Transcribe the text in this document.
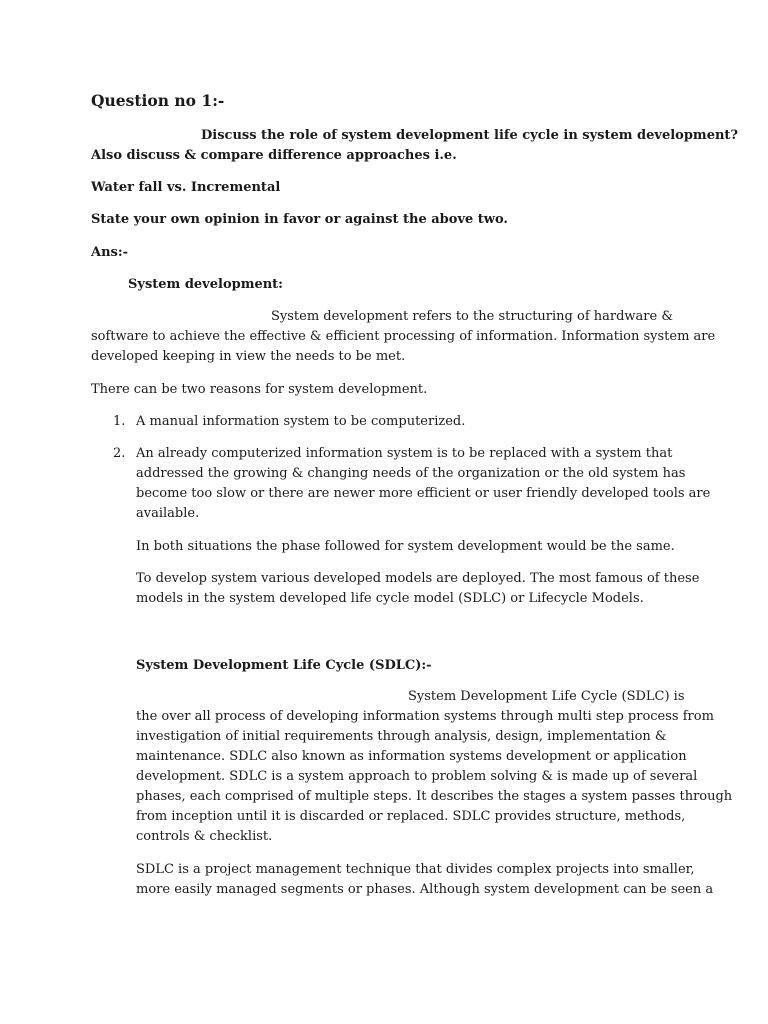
Question no 1:-
Discuss the role of system development life cycle in system development?
Also discuss & compare difference approaches i.e.
Water fall vs. Incremental
State your own opinion in favor or against the above two.
Ans:-
System development:
System development refers to the structuring of hardware &
software to achieve the effective & efficient processing of information. Information system are
developed keeping in view the needs to be met.
There can be two reasons for system development.
1. A manual information system to be computerized.
2. An already computerized information system is to be replaced with a system that
addressed the growing & changing needs of the organization or the old system has
become too slow or there are newer more efficient or user friendly developed tools are
available.
In both situations the phase followed for system development would be the same.
To develop system various developed models are deployed. The most famous of these
models in the system developed life cycle model (SDLC) or Lifecycle Models.
System Development Life Cycle (SDLC):-
System Development Life Cycle (SDLC) is
the over all process of developing information systems through multi step process from
investigation of initial requirements through analysis, design, implementation &
maintenance. SDLC also known as information systems development or application
development. SDLC is a system approach to problem solving & is made up of several
phases, each comprised of multiple steps. It describes the stages a system passes through
from inception until it is discarded or replaced. SDLC provides structure, methods,
controls & checklist.
SDLC is a project management technique that divides complex projects into smaller,
more easily managed segments or phases. Although system development can be seen a
